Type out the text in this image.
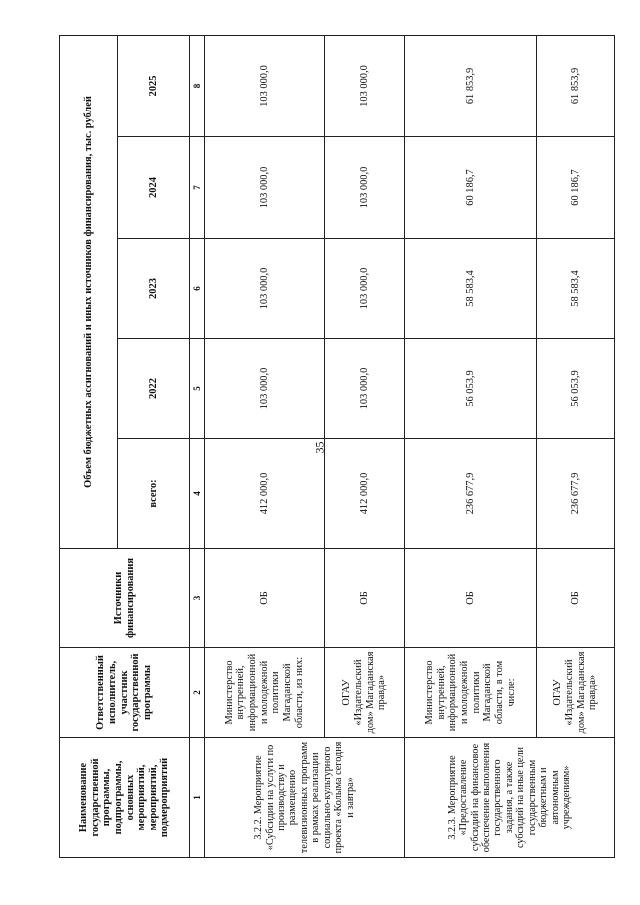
35
Наименование государственной программы, подпрограммы, основных мероприятий, мероприятий, подмероприятий	Ответственный исполнитель, участник государственной программы	Источники финансирования	Объем бюджетных ассигнований и иных источников финансирования, тыс. рублей				
			всего:	2022	2023	2024	2025

1	2	3	4	5	6	7	8
3.2.2. Мероприятие «Субсидии на услуги по производству и размещению телевизионных программ в рамках реализации социально-культурного проекта «Колыма сегодня и завтра»	Министерство внутренней, информационной и молодежной политики Магаданской области, из них:	ОБ	412 000,0	103 000,0	103 000,0	103 000,0	103 000,0
	ОГАУ «Издательский дом» Магаданская правда»	ОБ	412 000,0	103 000,0	103 000,0	103 000,0	103 000,0
3.2.3. Мероприятие «Предоставление субсидий на финансовое обеспечение выполнения государственного задания, а также субсидий на иные цели государственным бюджетным и автономным учреждениям»	Министерство внутренней, информационной и молодежной политики Магаданской области, в том числе:	ОБ	236 677,9	56 053,9	58 583,4	60 186,7	61 853,9
	ОГАУ «Издательский дом» Магаданская правда»	ОБ	236 677,9	56 053,9	58 583,4	60 186,7	61 853,9
